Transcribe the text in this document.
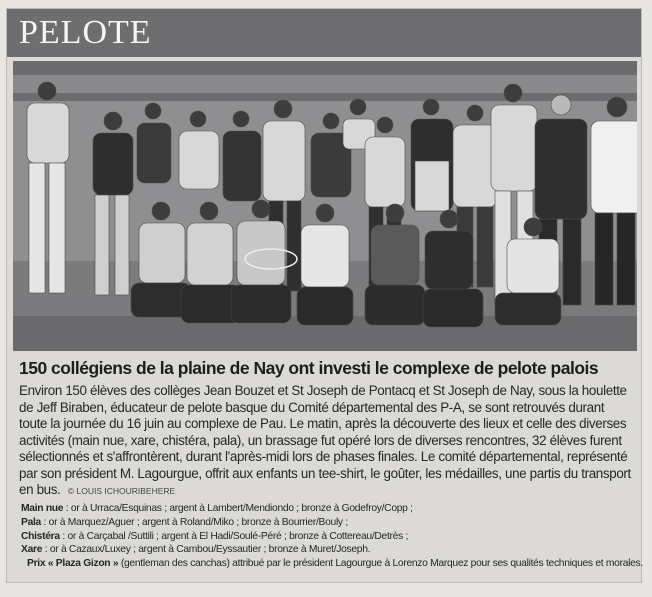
PELOTE
150 collégiens de la plaine de Nay ont investi le complexe de pelote palois
Environ 150 élèves des collèges Jean Bouzet et St Joseph de Pontacq et St Joseph de Nay, sous la houlette de Jeff Biraben, éducateur de pelote basque du Comité départemental des P-A, se sont retrouvés durant toute la journée du 16 juin au complexe de Pau. Le matin, après la découverte des lieux et celle des diverses activités (main nue, xare, chistéra, pala), un brassage fut opéré lors de diverses rencontres, 32 élèves furent sélectionnés et s'affrontèrent, durant l'après-midi lors de phases finales. Le comité départemental, représenté par son président M. Lagourgue, offrit aux enfants un tee-shirt, le goûter, les médailles, une partis du transport en bus. © LOUIS ICHOURIBEHERE
Main nue : or à Urraca/Esquinas ; argent à Lambert/Mendiondo ; bronze à Godefroy/Copp ;
Pala : or à Marquez/Aguer ; argent à Roland/Miko ; bronze à Bourrier/Bouly ;
Chistéra : or à Carçabal /Suttili ; argent à El Hadi/Soulé-Péré ; bronze à Cottereau/Detrès ;
Xare : or à Cazaux/Luxey ; argent à Cambou/Eyssautier ; bronze à Muret/Joseph.
Prix « Plaza Gizon » (gentleman des canchas) attribué par le président Lagourgue à Lorenzo Marquez pour ses qualités techniques et morales.
